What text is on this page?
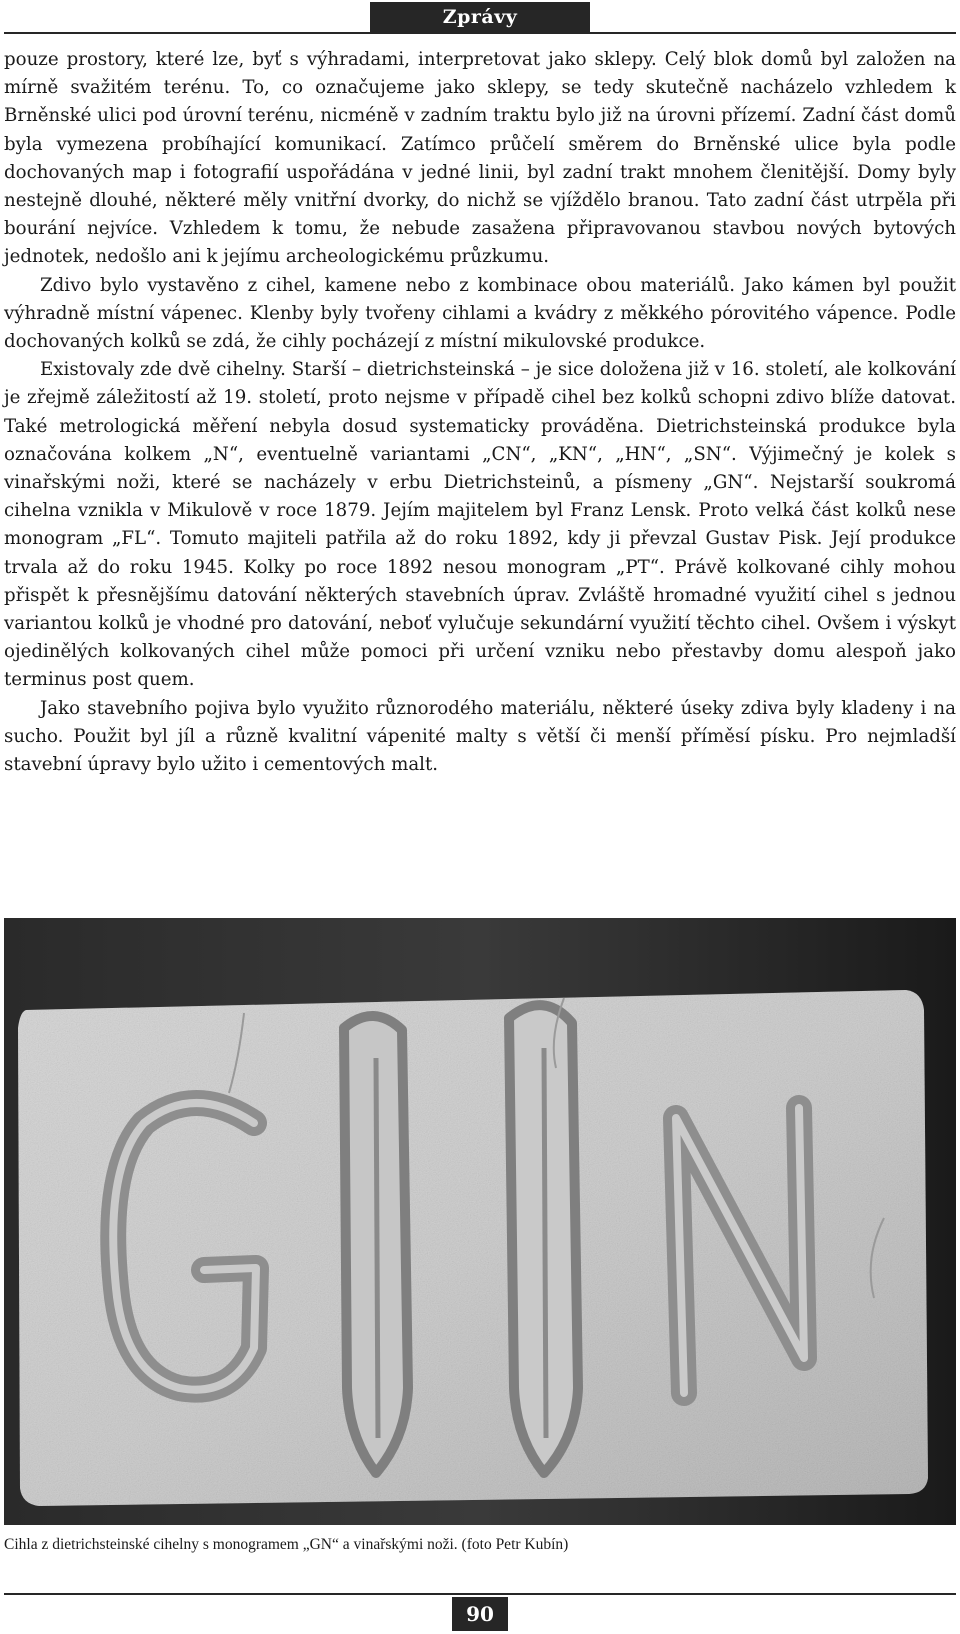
Zprávy

pouze prostory, které lze, byť s výhradami, interpretovat jako sklepy. Celý blok domů byl založen na mírně svažitém terénu. To, co označujeme jako sklepy, se tedy skutečně nacházelo vzhledem k Brněnské ulici pod úrovní terénu, nicméně v zadním traktu bylo již na úrovni přízemí. Zadní část domů byla vymezena probíhající komunikací. Zatímco průčelí směrem do Brněnské ulice byla podle dochovaných map i fotografií uspořádána v jedné linii, byl zadní trakt mnohem členitější. Domy byly nestejně dlouhé, některé měly vnitřní dvorky, do nichž se vjíždělo branou. Tato zadní část utrpěla při bourání nejvíce. Vzhledem k tomu, že nebude zasažena připravovanou stavbou nových bytových jednotek, nedošlo ani k jejímu archeologickému průzkumu.

Zdivo bylo vystavěno z cihel, kamene nebo z kombinace obou materiálů. Jako kámen byl použit výhradně místní vápenec. Klenby byly tvořeny cihlami a kvádry z měkkého pórovitého vápence. Podle dochovaných kolků se zdá, že cihly pocházejí z místní mikulovské produkce.

Existovaly zde dvě cihelny. Starší – dietrichsteinská – je sice doložena již v 16. století, ale kolkování je zřejmě záležitostí až 19. století, proto nejsme v případě cihel bez kolků schopni zdivo blíže datovat. Také metrologická měření nebyla dosud systematicky prováděna. Dietrichsteinská produkce byla označována kolkem „N“, eventuelně variantami „CN“, „KN“, „HN“, „SN“. Výjimečný je kolek s vinařskými noži, které se nacházely v erbu Dietrichsteinů, a písmeny „GN“. Nejstarší soukromá cihelna vznikla v Mikulově v roce 1879. Jejím majitelem byl Franz Lensk. Proto velká část kolků nese monogram „FL“. Tomuto majiteli patřila až do roku 1892, kdy ji převzal Gustav Pisk. Její produkce trvala až do roku 1945. Kolky po roce 1892 nesou monogram „PT“. Právě kolkované cihly mohou přispět k přesnějšímu datování některých stavebních úprav. Zvláště hromadné využití cihel s jednou variantou kolků je vhodné pro datování, neboť vylučuje sekundární využití těchto cihel. Ovšem i výskyt ojedinělých kolkovaných cihel může pomoci při určení vzniku nebo přestavby domu alespoň jako terminus post quem.

Jako stavebního pojiva bylo využito různorodého materiálu, některé úseky zdiva byly kladeny i na sucho. Použit byl jíl a různě kvalitní vápenité malty s větší či menší příměsí písku. Pro nejmladší stavební úpravy bylo užito i cementových malt.

Cihla z dietrichsteinské cihelny s monogramem „GN“ a vinařskými noži. (foto Petr Kubín)
90
